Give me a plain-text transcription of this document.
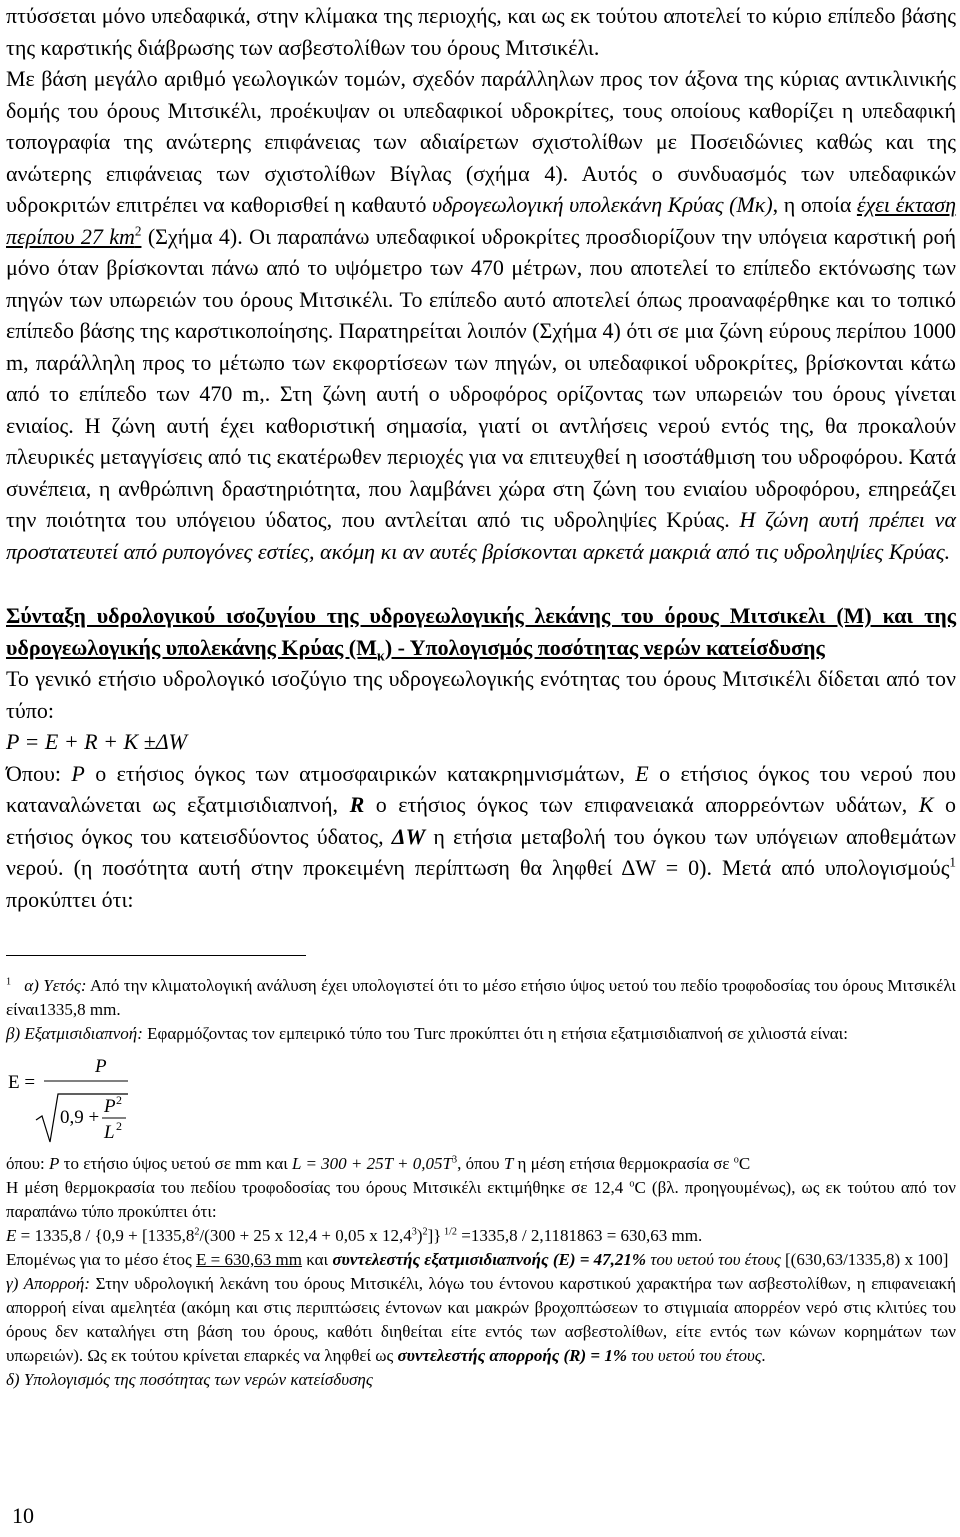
πτύσσεται μόνο υπεδαφικά, στην κλίμακα της περιοχής, και ως εκ τούτου αποτελεί το κύριο επίπεδο βάσης της καρστικής διάβρωσης των ασβεστολίθων του όρους Μιτσικέλι.

Με βάση μεγάλο αριθμό γεωλογικών τομών, σχεδόν παράλληλων προς τον άξονα της κύριας αντικλινικής δομής του όρους Μιτσικέλι, προέκυψαν οι υπεδαφικοί υδροκρίτες, τους οποίους καθορίζει η υπεδαφική τοπογραφία της ανώτερης επιφάνειας των αδιαίρετων σχιστολίθων με Ποσειδώνιες καθώς και της ανώτερης επιφάνειας των σχιστολίθων Βίγλας (σχήμα 4). Αυτός ο συνδυασμός των υπεδαφικών υδροκριτών επιτρέπει να καθορισθεί η καθαυτό υδρογεωλογική υπολεκάνη Κρύας (Μκ), η οποία έχει έκταση περίπου 27 $km^2$ (Σχήμα 4). Οι παραπάνω υπεδαφικοί υδροκρίτες προσδιορίζουν την υπόγεια καρστική ροή μόνο όταν βρίσκονται πάνω από το υψόμετρο των 470 μέτρων, που αποτελεί το επίπεδο εκτόνωσης των πηγών των υπωρειών του όρους Μιτσικέλι. Το επίπεδο αυτό αποτελεί όπως προαναφέρθηκε και το τοπικό επίπεδο βάσης της καρστικοποίησης. Παρατηρείται λοιπόν (Σχήμα 4) ότι σε μια ζώνη εύρους περίπου 1000 m, παράλληλη προς το μέτωπο των εκφορτίσεων των πηγών, οι υπεδαφικοί υδροκρίτες, βρίσκονται κάτω από το επίπεδο των 470 m,. Στη ζώνη αυτή ο υδροφόρος ορίζοντας των υπωρειών του όρους γίνεται ενιαίος. Η ζώνη αυτή έχει καθοριστική σημασία, γιατί οι αντλήσεις νερού εντός της, θα προκαλούν πλευρικές μεταγγίσεις από τις εκατέρωθεν περιοχές για να επιτευχθεί η ισοστάθμιση του υδροφόρου. Κατά συνέπεια, η ανθρώπινη δραστηριότητα, που λαμβάνει χώρα στη ζώνη του ενιαίου υδροφόρου, επηρεάζει την ποιότητα του υπόγειου ύδατος, που αντλείται από τις υδροληψίες Κρύας. Η ζώνη αυτή πρέπει να προστατευτεί από ρυπογόνες εστίες, ακόμη κι αν αυτές βρίσκονται αρκετά μακριά από τις υδροληψίες Κρύας.

Σύνταξη υδρολογικού ισοζυγίου της υδρογεωλογικής λεκάνης του όρους Μιτσικελι (Μ) και της υδρογεωλογικής υπολεκάνης Κρύας $(M_\kappa)$ - Υπολογισμός ποσότητας νερών κατείσδυσης

Το γενικό ετήσιο υδρολογικό ισοζύγιο της υδρογεωλογικής ενότητας του όρους Μιτσικέλι δίδεται από τον τύπο:

P = E + R + K ±ΔW

Όπου: P ο ετήσιος όγκος των ατμοσφαιρικών κατακρημνισμάτων, E ο ετήσιος όγκος του νερού που καταναλώνεται ως εξατμισιδιαπνοή, R ο ετήσιος όγκος των επιφανειακά απορρεόντων υδάτων, K ο ετήσιος όγκος του κατεισδύοντος ύδατος, ΔW η ετήσια μεταβολή του όγκου των υπόγειων αποθεμάτων νερού. (η ποσότητα αυτή στην προκειμένη περίπτωση θα ληφθεί ΔW = 0). Μετά από υπολογισμούς$^1$ προκύπτει ότι:

$^1$ α) Υετός: Από την κλιματολογική ανάλυση έχει υπολογιστεί ότι το μέσο ετήσιο ύψος υετού του πεδίο τροφοδοσίας του όρους Μιτσικέλι είναι1335,8 mm.

β) Εξατμισιδιαπνοή: Εφαρμόζοντας τον εμπειρικό τύπο του Turc προκύπτει ότι η ετήσια εξατμισιδιαπνοή σε χιλιοστά είναι:

E =
P
0,9 +
P 2
L 2

όπου: P το ετήσιο ύψος υετού σε mm και $L = 300 + 25T + 0,05T^3$, όπου T η μέση ετήσια θερμοκρασία σε $^o$C

Η μέση θερμοκρασία του πεδίου τροφοδοσίας του όρους Μιτσικέλι εκτιμήθηκε σε 12,4 $^o$C (βλ. προηγουμένως), ως εκ τούτου από τον παραπάνω τύπο προκύπτει ότι:

$E = 1335,8 / \{0,9 + [1335,8^2/(300 + 25$ x 12,4 + 0,05 x 12,4$^3$)$^2$]} $^{1/2}$ =1335,8 / 2,1181863 = 630,63 mm.

Επομένως για το μέσο έτος E = 630,63 mm και συντελεστής εξατμισιδιαπνοής (Ε) = 47,21% του υετού του έτους [(630,63/1335,8) x 100]

γ) Απορροή: Στην υδρολογική λεκάνη του όρους Μιτσικέλι, λόγω του έντονου καρστικού χαρακτήρα των ασβεστολίθων, η επιφανειακή απορροή είναι αμελητέα (ακόμη και στις περιπτώσεις έντονων και μακρών βροχοπτώσεων το στιγμιαία απορρέον νερό στις κλιτύες του όρους δεν καταλήγει στη βάση του όρους, καθότι διηθείται είτε εντός των ασβεστολίθων, είτε εντός των κώνων κορημάτων των υπωρειών). Ως εκ τούτου κρίνεται επαρκές να ληφθεί ως συντελεστής απορροής (R) = 1% του υετού του έτους.

δ) Υπολογισμός της ποσότητας των νερών κατείσδυσης

10
